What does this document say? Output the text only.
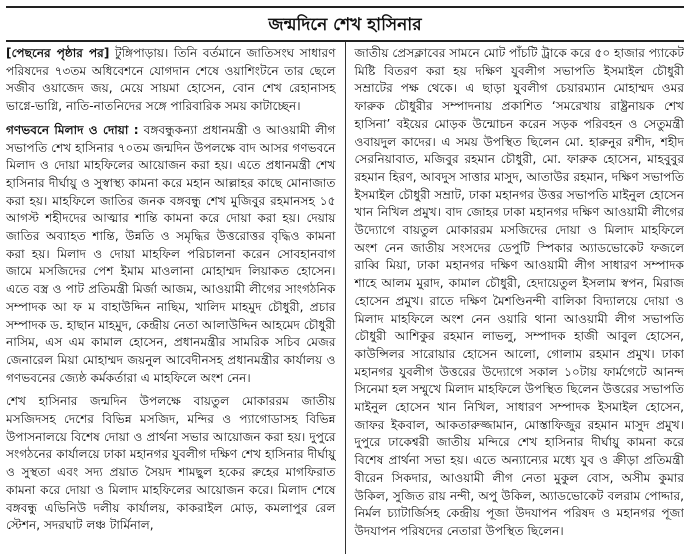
জন্মদিনে শেখ হাসিনার

[পেছনের পৃষ্ঠার পর] টুঙ্গিপাড়ায়। তিনি বর্তমানে জাতিসংঘ সাধারণ পরিষদের ৭৩তম অধিবেশনে যোগদান শেষে ওয়াশিংটনে তার ছেলে সজীব ওয়াজেদ জয়, মেয়ে সায়মা হোসেন, বোন শেখ রেহানাসহ ভাগ্নে-ভাগ্নি, নাতি-নাতনিদের সঙ্গে পারিবারিক সময় কাটাচ্ছেন।

গণভবনে মিলাদ ও দোয়া : বঙ্গবন্ধুকন্যা প্রধানমন্ত্রী ও আওয়ামী লীগ সভাপতি শেখ হাসিনার ৭০তম জন্মদিন উপলক্ষে বাদ আসর গণভবনে মিলাদ ও দোয়া মাহফিলের আয়োজন করা হয়। এতে প্রধানমন্ত্রী শেখ হাসিনার দীর্ঘায়ু ও সুস্বাস্থ্য কামনা করে মহান আল্লাহর কাছে মোনাজাত করা হয়। মাহফিলে জাতির জনক বঙ্গবন্ধু শেখ মুজিবুর রহমানসহ ১৫ আগস্ট শহীদদের আত্মার শান্তি কামনা করে দোয়া করা হয়। দেয়ায় জাতির অব্যাহত শান্তি, উন্নতি ও সমৃদ্ধির উত্তরোত্তর বৃদ্ধিও কামনা করা হয়। মিলাদ ও দোয়া মাহফিল পরিচালনা করেন সোবহানবাগ জামে মসজিদের পেশ ইমাম মাওলানা মোহাম্মদ লিয়াকত হোসেন। এতে বস্ত্র ও পাট প্রতিমন্ত্রী মির্জা আজম, আওয়ামী লীগের সাংগঠনিক সম্পাদক আ ফ ম বাহাউদ্দিন নাছিম, খালিদ মাহমুদ চৌধুরী, প্রচার সম্পাদক ড. হাছান মাহমুদ, কেন্দ্রীয় নেতা আলাউদ্দিন আহমেদ চৌধুরী নাসিম, এস এম কামাল হোসেন, প্রধানমন্ত্রীর সামরিক সচিব মেজর জেনারেল মিয়া মোহাম্মদ জয়নুল আবেদীনসহ প্রধানমন্ত্রীর কার্যালয় ও গণভবনের জ্যেষ্ঠ কর্মকর্তারা এ মাহফিলে অংশ নেন।

শেখ হাসিনার জন্মদিন উপলক্ষে বায়তুল মোকাররম জাতীয় মসজিদসহ দেশের বিভিন্ন মসজিদ, মন্দির ও প্যাগোডাসহ বিভিন্ন উপাসনালয়ে বিশেষ দোয়া ও প্রার্থনা সভার আয়োজন করা হয়। দুপুরে সংগঠনের কার্যালয়ে ঢাকা মহানগর যুবলীগ দক্ষিণ শেখ হাসিনার দীর্ঘায়ু ও সুস্থতা এবং সদ্য প্রয়াত সৈয়দ শামছুল হকের রুহের মাগফিরাত কামনা করে দোয়া ও মিলাদ মাহফিলের আয়োজন করে। মিলাদ শেষে বঙ্গবন্ধু এভিনিউ দলীয় কার্যালয়, কাকরাইল মোড়, কমলাপুর রেল স্টেশন, সদরঘাট লঞ্চ টার্মিনাল,

জাতীয় প্রেসক্লাবের সামনে মোট পাঁচটি ট্রাকে করে ৫০ হাজার প্যাকেট মিষ্টি বিতরণ করা হয় দক্ষিণ যুবলীগ সভাপতি ইসমাইল চৌধুরী সম্রাটের পক্ষ থেকে। এ ছাড়া যুবলীগ চেয়ারম্যান মোহাম্মদ ওমর ফারুক চৌধুরীর সম্পাদনায় প্রকাশিত ‘সমরেখায় রাষ্ট্রনায়ক শেখ হাসিনা’ বইয়ের মোড়ক উন্মোচন করেন সড়ক পরিবহন ও সেতুমন্ত্রী ওবায়দুল কাদের। এ সময় উপস্থিত ছিলেন মো. হারুনুর রশীদ, শহীদ সেরনিয়াবাত, মজিবুর রহমান চৌধুরী, মো. ফারুক হোসেন, মাহবুবুর রহমান হিরণ, আবদুস সাত্তার মাসুদ, আতাউর রহমান, দক্ষিণ সভাপতি ইসমাইল চৌধুরী সম্রাট, ঢাকা মহানগর উত্তর সভাপতি মাইনুল হোসেন খান নিখিল প্রমুখ। বাদ জোহর ঢাকা মহানগর দক্ষিণ আওয়ামী লীগের উদ্যোগে বায়তুল মোকাররম মসজিদের দোয়া ও মিলাদ মাহফিলে অংশ নেন জাতীয় সংসদের ডেপুটি স্পিকার অ্যাডভোকেট ফজলে রাব্বি মিয়া, ঢাকা মহানগর দক্ষিণ আওয়ামী লীগ সাধারণ সম্পাদক শাহে আলম মুরাদ, কামাল চৌধুরী, হেদায়েতুল ইসলাম স্বপন, মিরাজ হোসেন প্রমুখ। রাতে দক্ষিণ মৈশণ্ডিনন্দী বালিকা বিদ্যালয়ে দোয়া ও মিলাদ মাহফিলে অংশ নেন ওয়ারি থানা আওয়ামী লীগ সভাপতি চৌধুরী আশিকুর রহমান লাভলু, সম্পাদক হাজী আবুল হোসেন, কাউন্সিলর সারোয়ার হোসেন আলো, গোলাম রহমান প্রমুখ। ঢাকা মহানগর যুবলীগ উত্তরের উদ্যোগে সকাল ১০টায় ফার্মগেটে আনন্দ সিনেমা হল সম্মুখে মিলাদ মাহফিলে উপস্থিত ছিলেন উত্তরের সভাপতি মাইনুল হোসেন খান নিখিল, সাধারণ সম্পাদক ইসমাইল হোসেন, জাফর ইকবাল, আকতারুজ্জামান, মোস্তাফিজুর রহমান মাসুদ প্রমুখ। দুপুরে ঢাকেশ্বরী জাতীয় মন্দিরে শেখ হাসিনার দীর্ঘায়ু কামনা করে বিশেষ প্রার্থনা সভা হয়। এতে অন্যান্যের মধ্যে যুব ও ক্রীড়া প্রতিমন্ত্রী বীরেন সিকদার, আওয়ামী লীগ নেতা মুকুল বোস, অসীম কুমার উকিল, সুজিত রায় নন্দী, অপু উকিল, অ্যাডভোকেট বলরাম পোদ্দার, নির্মল চ্যাটার্জিসহ কেন্দ্রীয় পূজা উদযাপন পরিষদ ও মহানগর পূজা উদযাপন পরিষদের নেতারা উপস্থিত ছিলেন।
